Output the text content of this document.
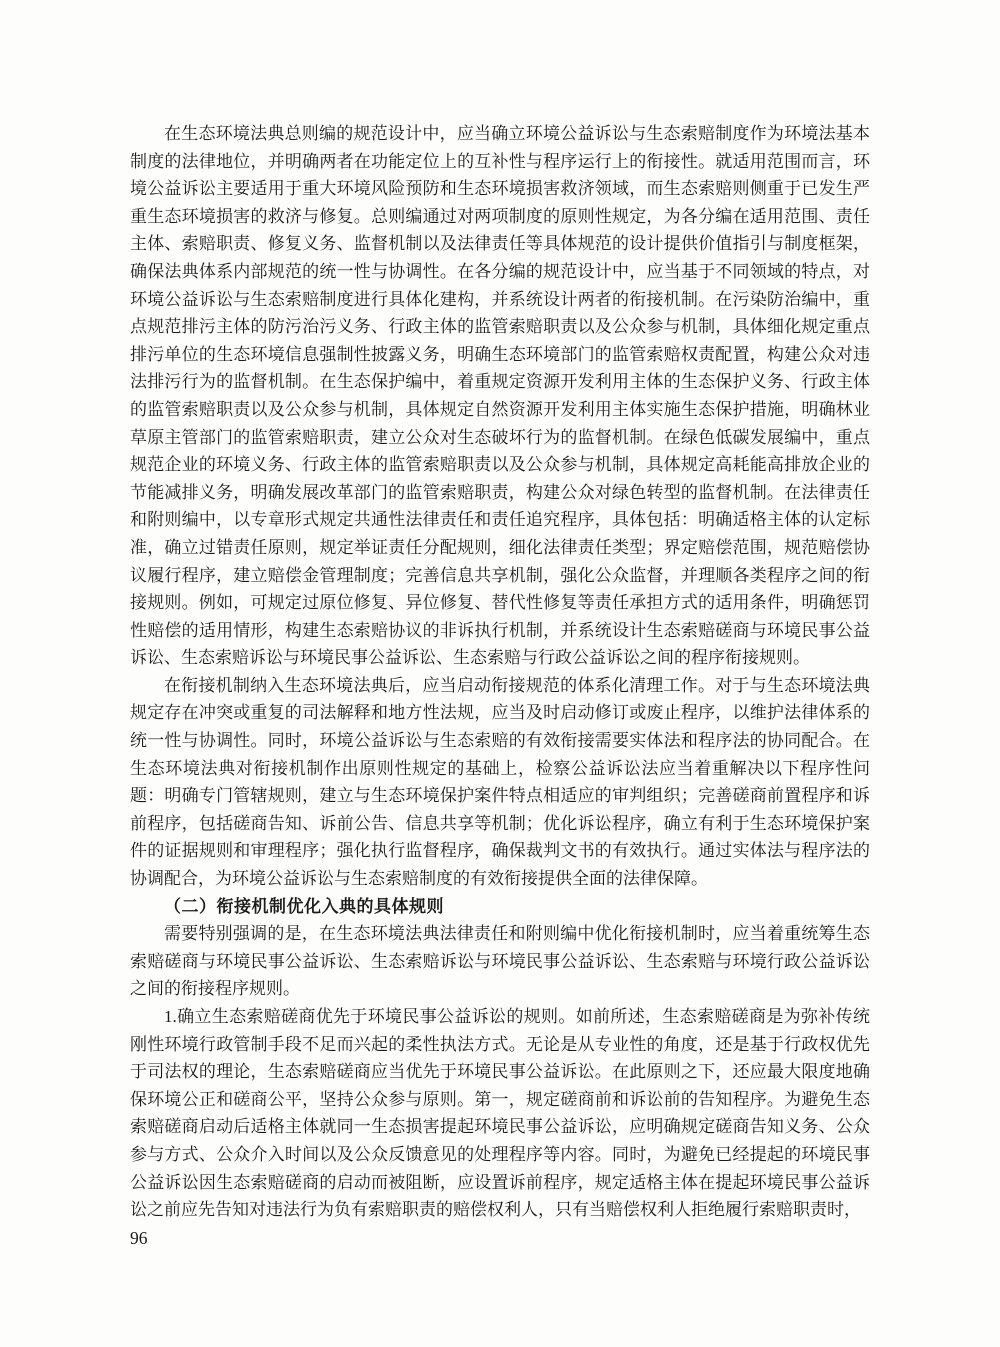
在生态环境法典总则编的规范设计中，应当确立环境公益诉讼与生态索赔制度作为环境法基本制度的法律地位，并明确两者在功能定位上的互补性与程序运行上的衔接性。就适用范围而言，环境公益诉讼主要适用于重大环境风险预防和生态环境损害救济领域，而生态索赔则侧重于已发生严重生态环境损害的救济与修复。总则编通过对两项制度的原则性规定，为各分编在适用范围、责任主体、索赔职责、修复义务、监督机制以及法律责任等具体规范的设计提供价值指引与制度框架，确保法典体系内部规范的统一性与协调性。在各分编的规范设计中，应当基于不同领域的特点，对环境公益诉讼与生态索赔制度进行具体化建构，并系统设计两者的衔接机制。在污染防治编中，重点规范排污主体的防污治污义务、行政主体的监管索赔职责以及公众参与机制，具体细化规定重点排污单位的生态环境信息强制性披露义务，明确生态环境部门的监管索赔权责配置，构建公众对违法排污行为的监督机制。在生态保护编中，着重规定资源开发利用主体的生态保护义务、行政主体的监管索赔职责以及公众参与机制，具体规定自然资源开发利用主体实施生态保护措施，明确林业草原主管部门的监管索赔职责，建立公众对生态破坏行为的监督机制。在绿色低碳发展编中，重点规范企业的环境义务、行政主体的监管索赔职责以及公众参与机制，具体规定高耗能高排放企业的节能减排义务，明确发展改革部门的监管索赔职责，构建公众对绿色转型的监督机制。在法律责任和附则编中，以专章形式规定共通性法律责任和责任追究程序，具体包括：明确适格主体的认定标准，确立过错责任原则，规定举证责任分配规则，细化法律责任类型；界定赔偿范围，规范赔偿协议履行程序，建立赔偿金管理制度；完善信息共享机制，强化公众监督，并理顺各类程序之间的衔接规则。例如，可规定过原位修复、异位修复、替代性修复等责任承担方式的适用条件，明确惩罚性赔偿的适用情形，构建生态索赔协议的非诉执行机制，并系统设计生态索赔磋商与环境民事公益诉讼、生态索赔诉讼与环境民事公益诉讼、生态索赔与行政公益诉讼之间的程序衔接规则。

在衔接机制纳入生态环境法典后，应当启动衔接规范的体系化清理工作。对于与生态环境法典规定存在冲突或重复的司法解释和地方性法规，应当及时启动修订或废止程序，以维护法律体系的统一性与协调性。同时，环境公益诉讼与生态索赔的有效衔接需要实体法和程序法的协同配合。在生态环境法典对衔接机制作出原则性规定的基础上，检察公益诉讼法应当着重解决以下程序性问题：明确专门管辖规则，建立与生态环境保护案件特点相适应的审判组织；完善磋商前置程序和诉前程序，包括磋商告知、诉前公告、信息共享等机制；优化诉讼程序，确立有利于生态环境保护案件的证据规则和审理程序；强化执行监督程序，确保裁判文书的有效执行。通过实体法与程序法的协调配合，为环境公益诉讼与生态索赔制度的有效衔接提供全面的法律保障。

（二）衔接机制优化入典的具体规则

需要特别强调的是，在生态环境法典法律责任和附则编中优化衔接机制时，应当着重统筹生态索赔磋商与环境民事公益诉讼、生态索赔诉讼与环境民事公益诉讼、生态索赔与环境行政公益诉讼之间的衔接程序规则。

1.确立生态索赔磋商优先于环境民事公益诉讼的规则。如前所述，生态索赔磋商是为弥补传统刚性环境行政管制手段不足而兴起的柔性执法方式。无论是从专业性的角度，还是基于行政权优先于司法权的理论，生态索赔磋商应当优先于环境民事公益诉讼。在此原则之下，还应最大限度地确保环境公正和磋商公平，坚持公众参与原则。第一，规定磋商前和诉讼前的告知程序。为避免生态索赔磋商启动后适格主体就同一生态损害提起环境民事公益诉讼，应明确规定磋商告知义务、公众参与方式、公众介入时间以及公众反馈意见的处理程序等内容。同时，为避免已经提起的环境民事公益诉讼因生态索赔磋商的启动而被阻断，应设置诉前程序，规定适格主体在提起环境民事公益诉讼之前应先告知对违法行为负有索赔职责的赔偿权利人，只有当赔偿权利人拒绝履行索赔职责时，

96
